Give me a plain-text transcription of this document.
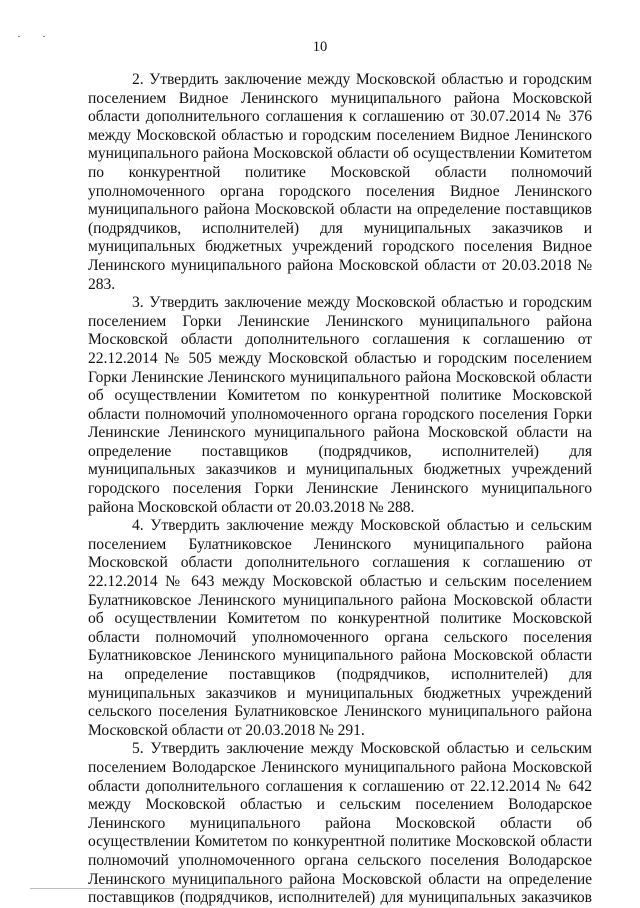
10

2. Утвердить заключение между Московской областью и городским поселением Видное Ленинского муниципального района Московской области дополнительного соглашения к соглашению от 30.07.2014 № 376 между Московской областью и городским поселением Видное Ленинского муниципального района Московской области об осуществлении Комитетом по конкурентной политике Московской области полномочий уполномоченного органа городского поселения Видное Ленинского муниципального района Московской области на определение поставщиков (подрядчиков, исполнителей) для муниципальных заказчиков и муниципальных бюджетных учреждений городского поселения Видное Ленинского муниципального района Московской области от 20.03.2018 № 283.

3. Утвердить заключение между Московской областью и городским поселением Горки Ленинские Ленинского муниципального района Московской области дополнительного соглашения к соглашению от 22.12.2014 № 505 между Московской областью и городским поселением Горки Ленинские Ленинского муниципального района Московской области об осуществлении Комитетом по конкурентной политике Московской области полномочий уполномоченного органа городского поселения Горки Ленинские Ленинского муниципального района Московской области на определение поставщиков (подрядчиков, исполнителей) для муниципальных заказчиков и муниципальных бюджетных учреждений городского поселения Горки Ленинские Ленинского муниципального района Московской области от 20.03.2018 № 288.

4. Утвердить заключение между Московской областью и сельским поселением Булатниковское Ленинского муниципального района Московской области дополнительного соглашения к соглашению от 22.12.2014 № 643 между Московской областью и сельским поселением Булатниковское Ленинского муниципального района Московской области об осуществлении Комитетом по конкурентной политике Московской области полномочий уполномоченного органа сельского поселения Булатниковское Ленинского муниципального района Московской области на определение поставщиков (подрядчиков, исполнителей) для муниципальных заказчиков и муниципальных бюджетных учреждений сельского поселения Булатниковское Ленинского муниципального района Московской области от 20.03.2018 № 291.

5. Утвердить заключение между Московской областью и сельским поселением Володарское Ленинского муниципального района Московской области дополнительного соглашения к соглашению от 22.12.2014 № 642 между Московской областью и сельским поселением Володарское Ленинского муниципального района Московской области об осуществлении Комитетом по конкурентной политике Московской области полномочий уполномоченного органа сельского поселения Володарское Ленинского муниципального района Московской области на определение поставщиков (подрядчиков, исполнителей) для муниципальных заказчиков
